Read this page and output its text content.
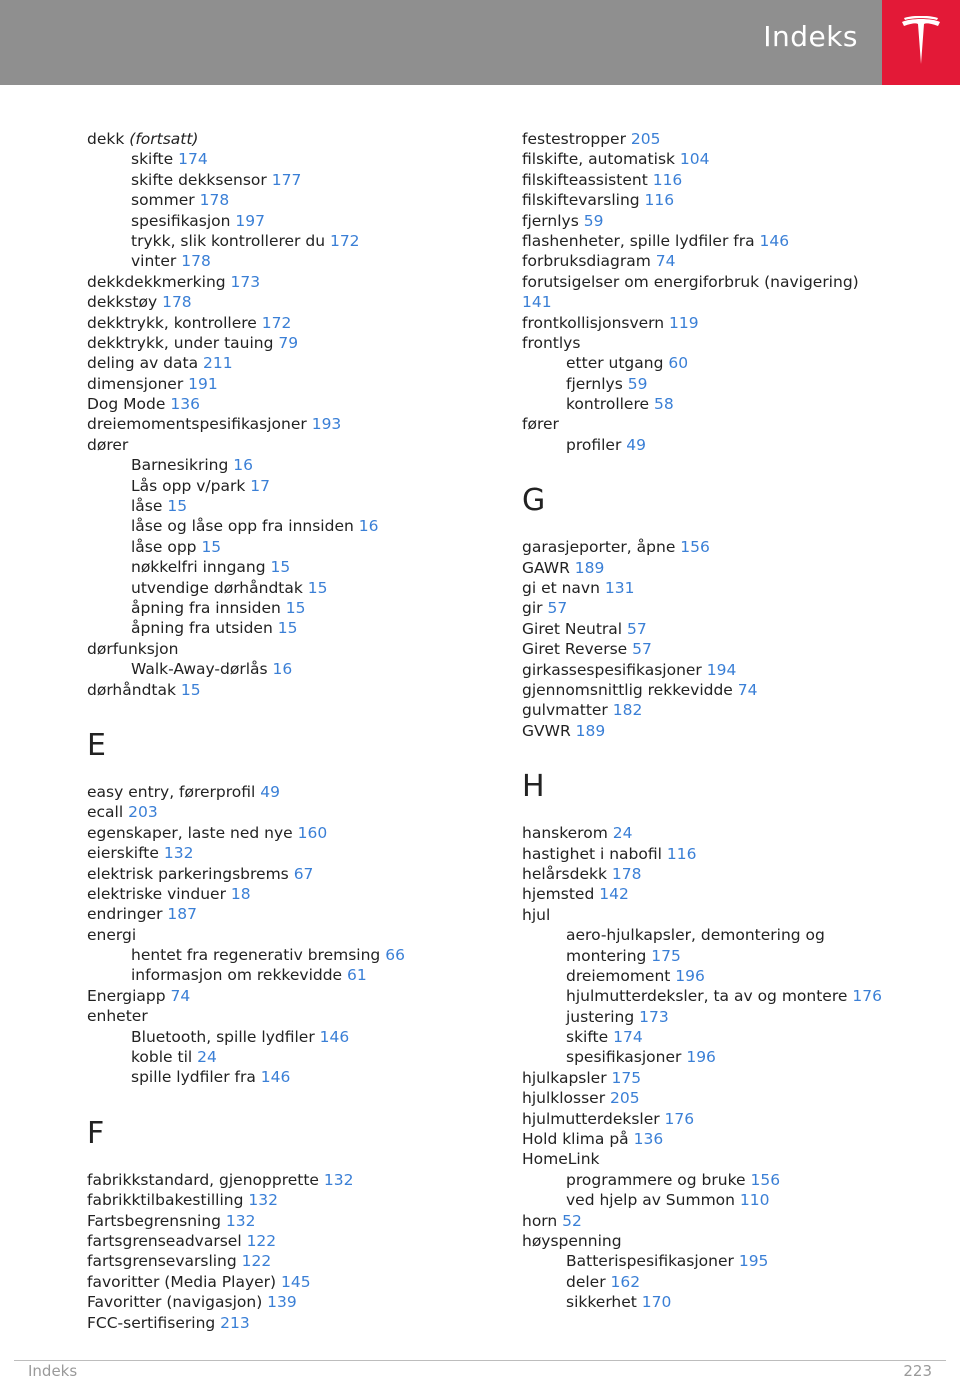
Indeks
dekk (fortsatt)
skifte 174
skifte dekksensor 177
sommer 178
spesifikasjon 197
trykk, slik kontrollerer du 172
vinter 178
dekkdekkmerking 173
dekkstøy 178
dekktrykk, kontrollere 172
dekktrykk, under tauing 79
deling av data 211
dimensjoner 191
Dog Mode 136
dreiemomentspesifikasjoner 193
dører
Barnesikring 16
Lås opp v/park 17
låse 15
låse og låse opp fra innsiden 16
låse opp 15
nøkkelfri inngang 15
utvendige dørhåndtak 15
åpning fra innsiden 15
åpning fra utsiden 15
dørfunksjon
Walk-Away-dørlås 16
dørhåndtak 15
E
easy entry, førerprofil 49
ecall 203
egenskaper, laste ned nye 160
eierskifte 132
elektrisk parkeringsbrems 67
elektriske vinduer 18
endringer 187
energi
hentet fra regenerativ bremsing 66
informasjon om rekkevidde 61
Energiapp 74
enheter
Bluetooth, spille lydfiler 146
koble til 24
spille lydfiler fra 146
F
fabrikkstandard, gjenopprette 132
fabrikktilbakestilling 132
Fartsbegrensning 132
fartsgrenseadvarsel 122
fartsgrensevarsling 122
favoritter (Media Player) 145
Favoritter (navigasjon) 139
FCC-sertifisering 213
festestropper 205
filskifte, automatisk 104
filskifteassistent 116
filskiftevarsling 116
fjernlys 59
flashenheter, spille lydfiler fra 146
forbruksdiagram 74
forutsigelser om energiforbruk (navigering)
141
frontkollisjonsvern 119
frontlys
etter utgang 60
fjernlys 59
kontrollere 58
fører
profiler 49
G
garasjeporter, åpne 156
GAWR 189
gi et navn 131
gir 57
Giret Neutral 57
Giret Reverse 57
girkassespesifikasjoner 194
gjennomsnittlig rekkevidde 74
gulvmatter 182
GVWR 189
H
hanskerom 24
hastighet i nabofil 116
helårsdekk 178
hjemsted 142
hjul
aero-hjulkapsler, demontering og
montering 175
dreiemoment 196
hjulmutterdeksler, ta av og montere 176
justering 173
skifte 174
spesifikasjoner 196
hjulkapsler 175
hjulklosser 205
hjulmutterdeksler 176
Hold klima på 136
HomeLink
programmere og bruke 156
ved hjelp av Summon 110
horn 52
høyspenning
Batterispesifikasjoner 195
deler 162
sikkerhet 170
Indeks	223
